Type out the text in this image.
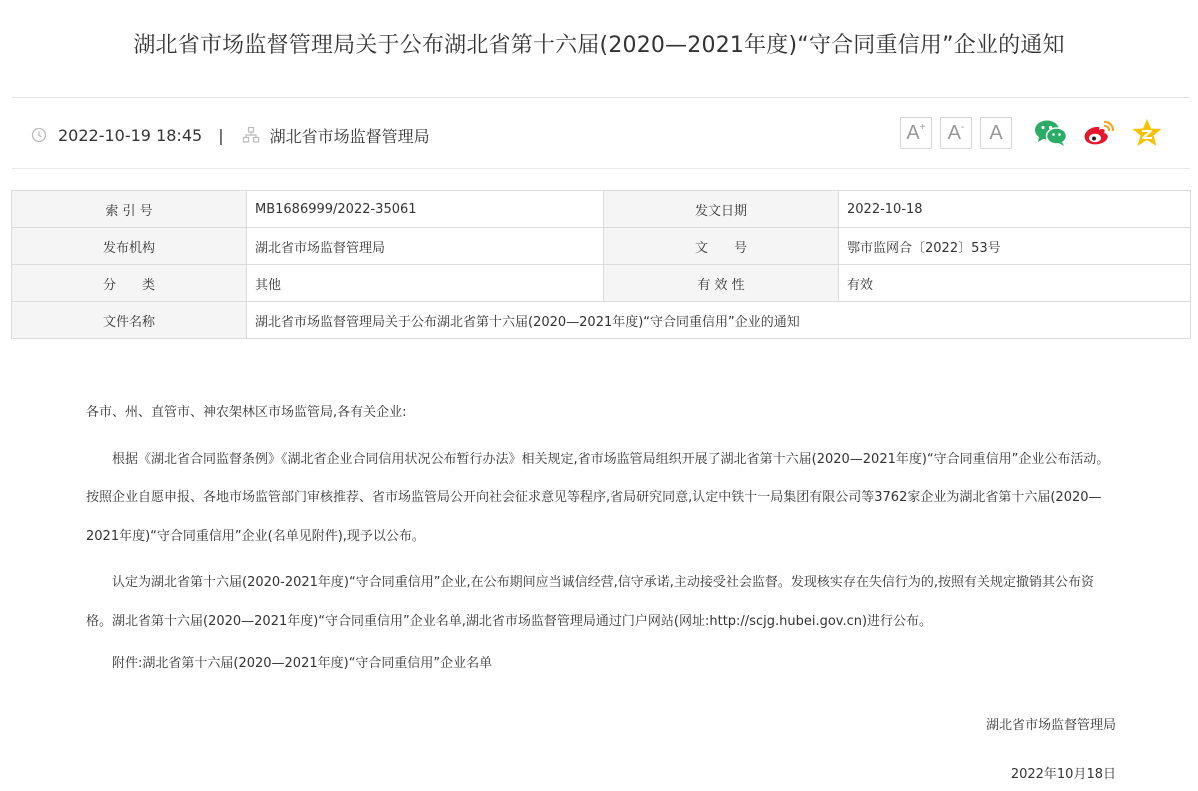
湖北省市场监督管理局关于公布湖北省第十六届(2020—2021年度)“守合同重信用”企业的通知
2022-10-19 18:45 |	湖北省市场监督管理局	A+ A- A
索 引 号	MB1686999/2022-35061	发文日期	2022-10-18
发布机构	湖北省市场监督管理局	文　　号	鄂市监网合〔2022〕53号
分　　类	其他	有 效 性	有效
文件名称	湖北省市场监督管理局关于公布湖北省第十六届(2020—2021年度)“守合同重信用”企业的通知		
各市、州、直管市、神农架林区市场监管局,各有关企业:
根据《湖北省合同监督条例》《湖北省企业合同信用状况公布暂行办法》相关规定,省市场监管局组织开展了湖北省第十六届(2020—2021年度)“守合同重信用”企业公布活动。按照企业自愿申报、各地市场监管部门审核推荐、省市场监管局公开向社会征求意见等程序,省局研究同意,认定中铁十一局集团有限公司等3762家企业为湖北省第十六届(2020—2021年度)“守合同重信用”企业(名单见附件),现予以公布。
认定为湖北省第十六届(2020-2021年度)“守合同重信用”企业,在公布期间应当诚信经营,信守承诺,主动接受社会监督。发现核实存在失信行为的,按照有关规定撤销其公布资格。湖北省第十六届(2020—2021年度)“守合同重信用”企业名单,湖北省市场监督管理局通过门户网站(网址:http://scjg.hubei.gov.cn)进行公布。
附件:湖北省第十六届(2020—2021年度)“守合同重信用”企业名单
湖北省市场监督管理局
2022年10月18日
